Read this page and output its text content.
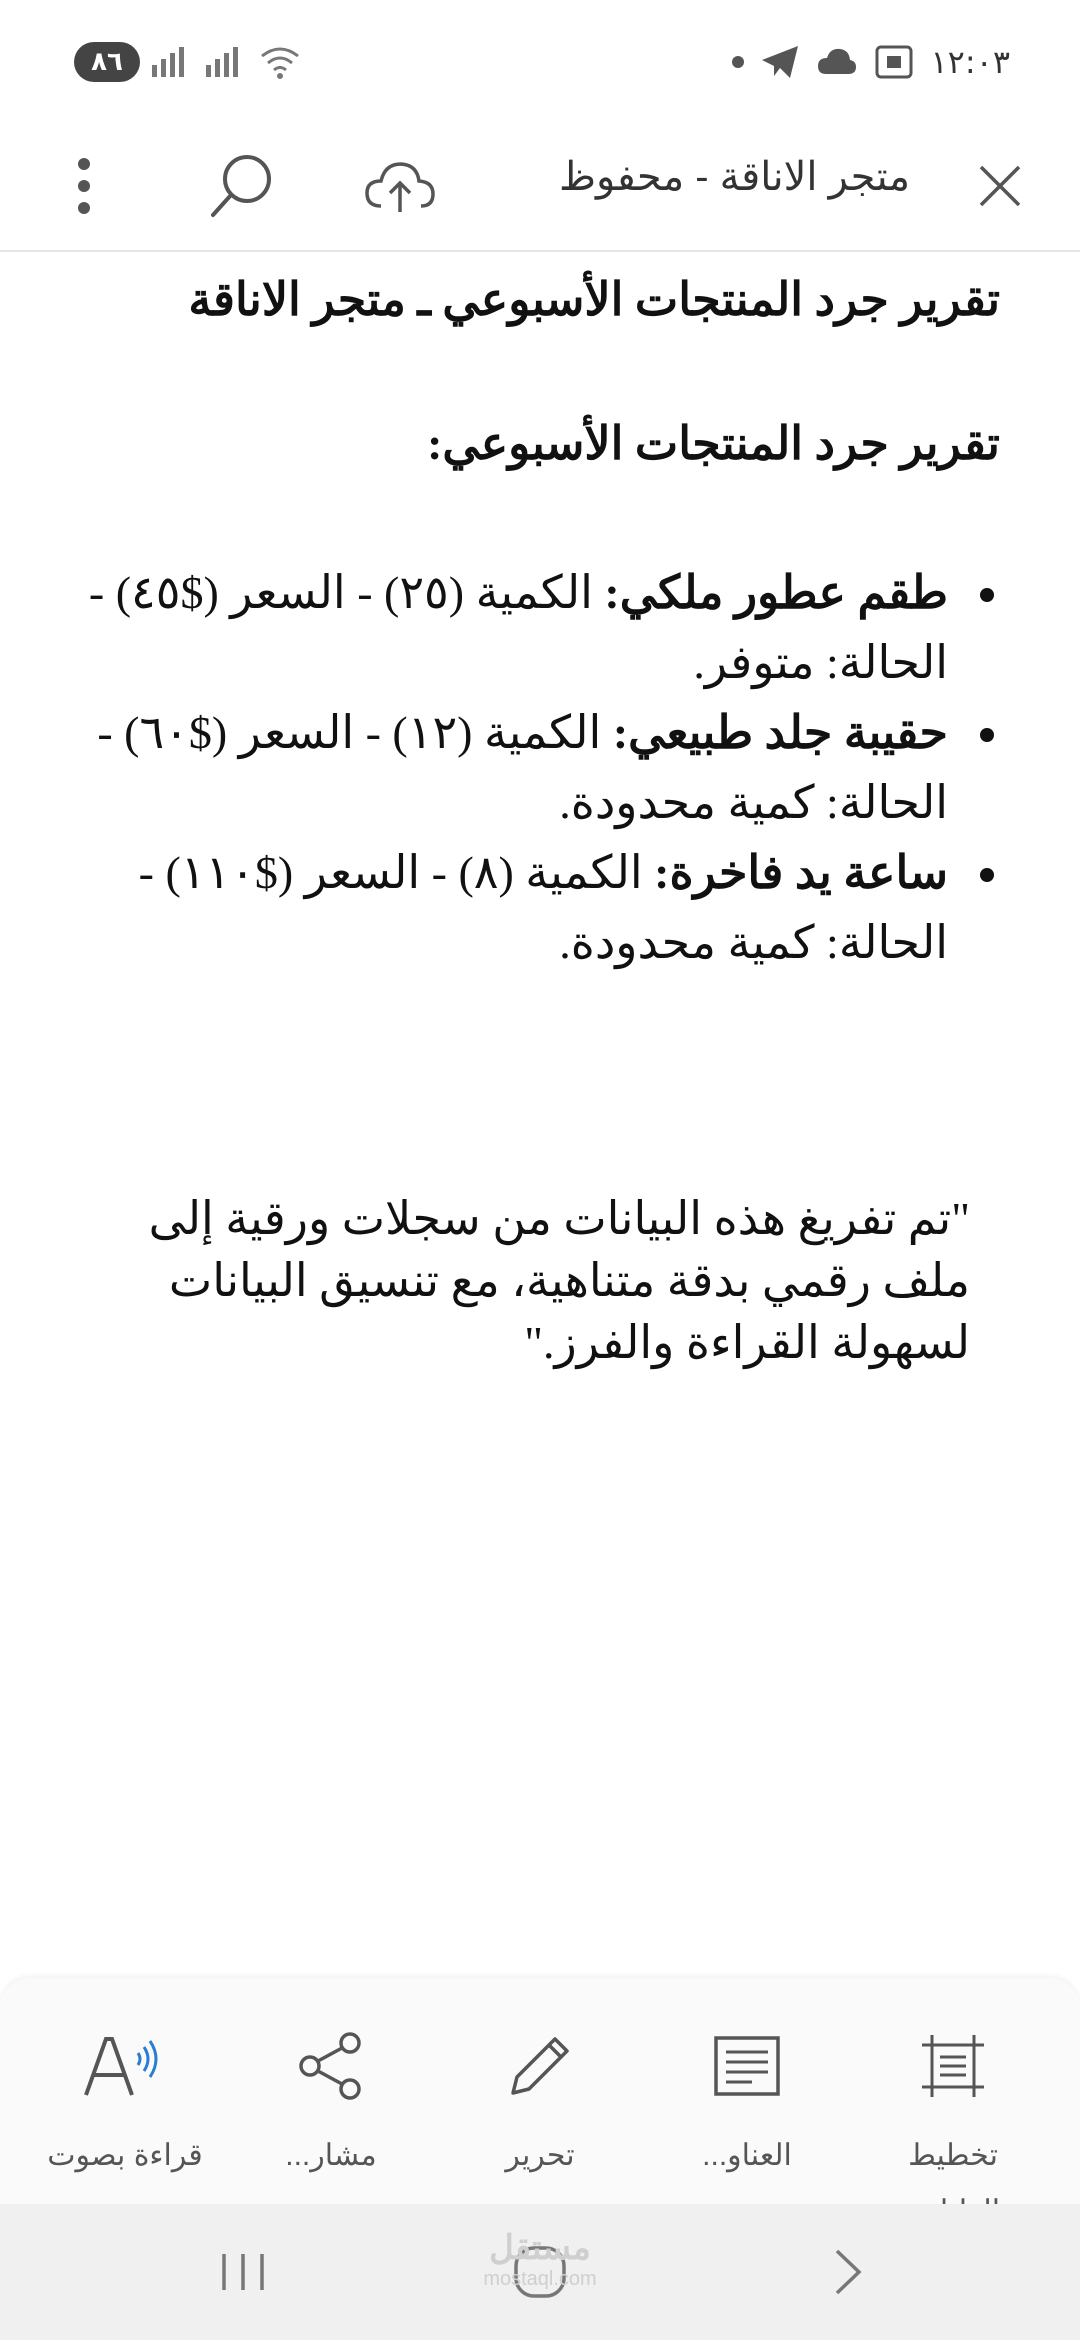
٨٦	١٢:٠٣
متجر الاناقة - محفوظ
تقرير جرد المنتجات الأسبوعي ـ متجر الاناقة
تقرير جرد المنتجات الأسبوعي:
طقم عطور ملكي: الكمية (٢٥) - السعر ($٤٥) - الحالة: متوفر.
حقيبة جلد طبيعي: الكمية (١٢) - السعر ($٦٠) - الحالة: كمية محدودة.
ساعة يد فاخرة: الكمية (٨) - السعر ($١١٠) - الحالة: كمية محدودة.
"تم تفريغ هذه البيانات من سجلات ورقية إلى ملف رقمي بدقة متناهية، مع تنسيق البيانات لسهولة القراءة والفرز."
قراءة بصوت	مشار...	تحرير	العناو...	تخطيط
مستقل
mostaql.com
